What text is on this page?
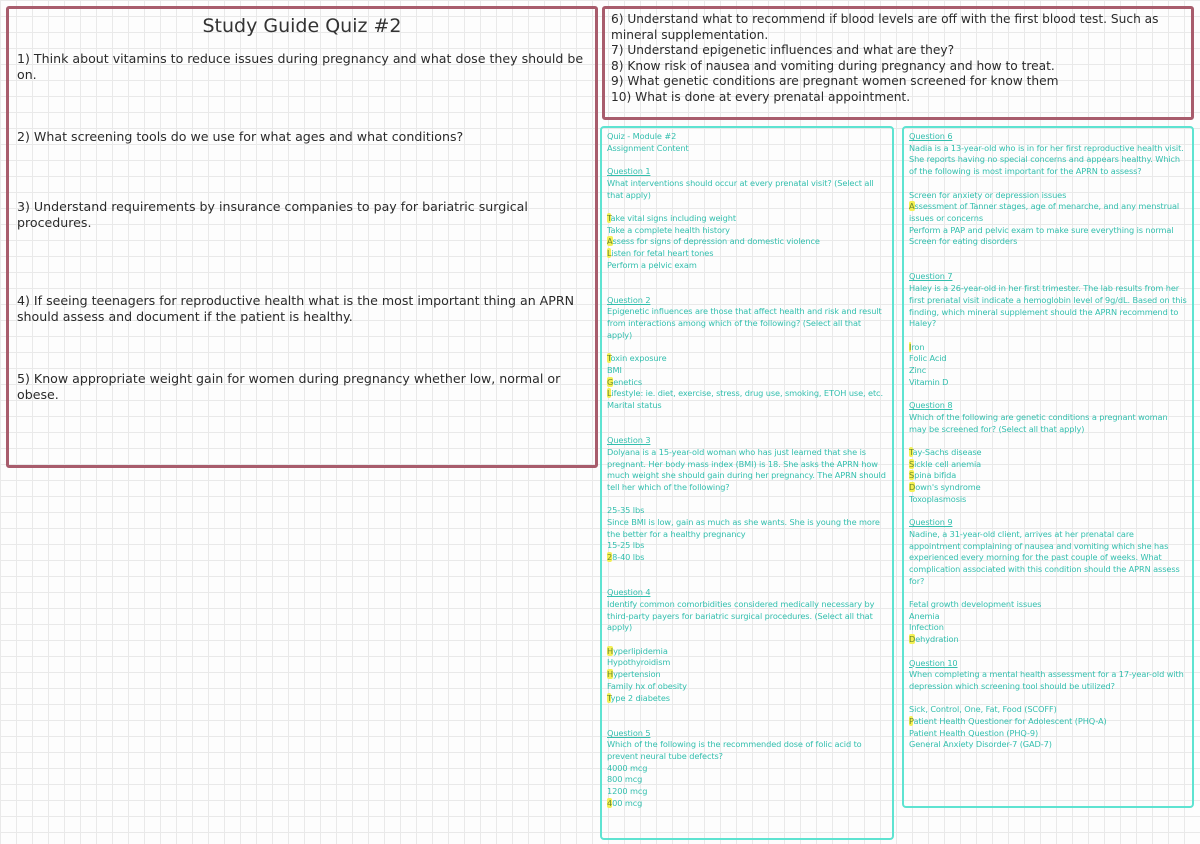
Study Guide Quiz #2

1) Think about vitamins to reduce issues during pregnancy and what dose they should be on.

2) What screening tools do we use for what ages and what conditions?

3) Understand requirements by insurance companies to pay for bariatric surgical procedures.

4) If seeing teenagers for reproductive health what is the most important thing an APRN should assess and document if the patient is healthy.

5) Know appropriate weight gain for women during pregnancy whether low, normal or obese.

6) Understand what to recommend if blood levels are off with the first blood test. Such as mineral supplementation.

7) Understand epigenetic influences and what are they?

8) Know risk of nausea and vomiting during pregnancy and how to treat.

9) What genetic conditions are pregnant women screened for know them

10) What is done at every prenatal appointment.

Quiz - Module #2

Assignment Content

Question 1

What interventions should occur at every prenatal visit? (Select all that apply)

Take vital signs including weight

Take a complete health history

Assess for signs of depression and domestic violence

Listen for fetal heart tones

Perform a pelvic exam

Question 2

Epigenetic influences are those that affect health and risk and result from interactions among which of the following? (Select all that apply)

Toxin exposure

BMI

Genetics

Lifestyle: ie. diet, exercise, stress, drug use, smoking, ETOH use, etc.

Marital status

Question 3

Dolyana is a 15-year-old woman who has just learned that she is pregnant. Her body mass index (BMI) is 18. She asks the APRN how much weight she should gain during her pregnancy. The APRN should tell her which of the following?

25-35 lbs

Since BMI is low, gain as much as she wants. She is young the more the better for a healthy pregnancy

15-25 lbs

28-40 lbs

Question 4

Identify common comorbidities considered medically necessary by third-party payers for bariatric surgical procedures. (Select all that apply)

Hyperlipidemia

Hypothyroidism

Hypertension

Family hx of obesity

Type 2 diabetes

Question 5

Which of the following is the recommended dose of folic acid to prevent neural tube defects?

4000 mcg

800 mcg

1200 mcg

400 mcg

Question 6

Nadia is a 13-year-old who is in for her first reproductive health visit. She reports having no special concerns and appears healthy. Which of the following is most important for the APRN to assess?

Screen for anxiety or depression issues

Assessment of Tanner stages, age of menarche, and any menstrual issues or concerns

Perform a PAP and pelvic exam to make sure everything is normal

Screen for eating disorders

Question 7

Haley is a 26-year-old in her first trimester. The lab results from her first prenatal visit indicate a hemoglobin level of 9g/dL. Based on this finding, which mineral supplement should the APRN recommend to Haley?

Iron

Folic Acid

Zinc

Vitamin D

Question 8

Which of the following are genetic conditions a pregnant woman may be screened for? (Select all that apply)

Tay-Sachs disease

Sickle cell anemia

Spina bifida

Down's syndrome

Toxoplasmosis

Question 9

Nadine, a 31-year-old client, arrives at her prenatal care appointment complaining of nausea and vomiting which she has experienced every morning for the past couple of weeks. What complication associated with this condition should the APRN assess for?

Fetal growth development issues

Anemia

Infection

Dehydration

Question 10

When completing a mental health assessment for a 17-year-old with depression which screening tool should be utilized?

Sick, Control, One, Fat, Food (SCOFF)

Patient Health Questioner for Adolescent (PHQ-A)

Patient Health Question (PHQ-9)

General Anxiety Disorder-7 (GAD-7)
